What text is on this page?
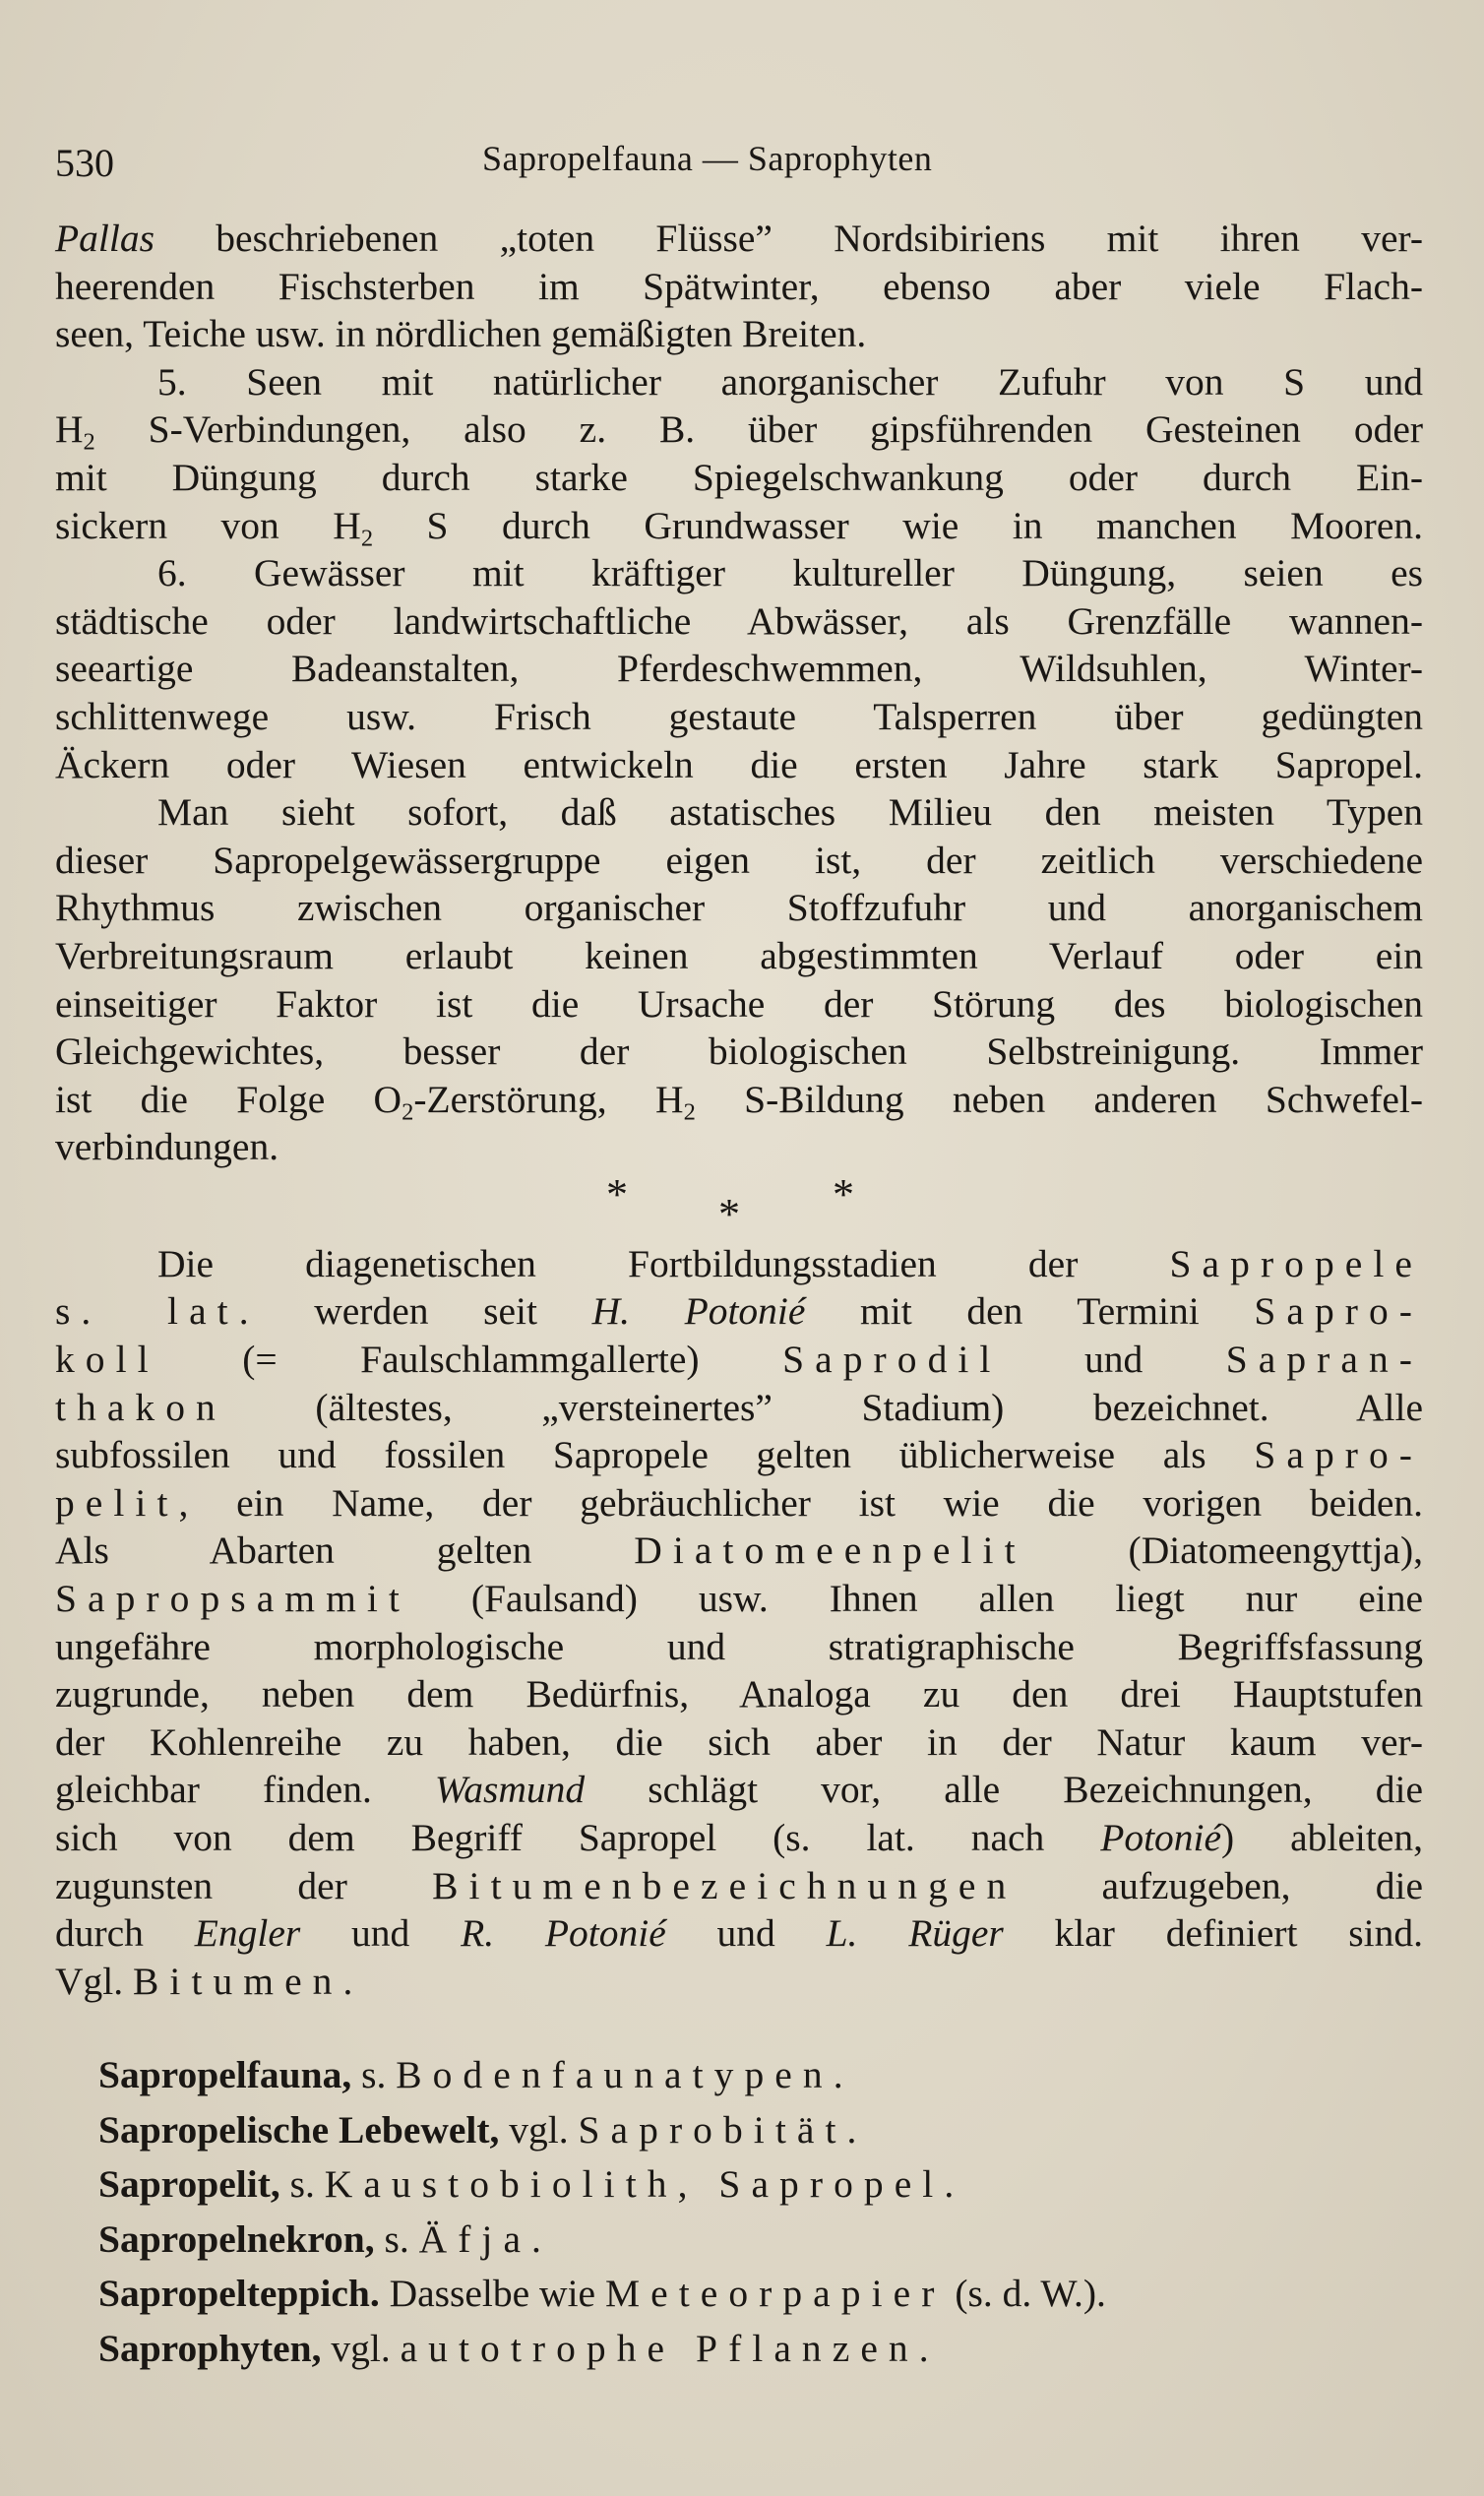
530	Sapropelfauna — Saprophyten
Pallas beschriebenen „toten Flüsse” Nordsibiriens mit ihren ver-
heerenden Fischsterben im Spätwinter, ebenso aber viele Flach-
seen, Teiche usw. in nördlichen gemäßigten Breiten.
5. Seen mit natürlicher anorganischer Zufuhr von S und
$H_2$ S-Verbindungen, also z. B. über gipsführenden Gesteinen oder
mit Düngung durch starke Spiegelschwankung oder durch Ein-
sickern von $H_2$ S durch Grundwasser wie in manchen Mooren.
6. Gewässer mit kräftiger kultureller Düngung, seien es
städtische oder landwirtschaftliche Abwässer, als Grenzfälle wannen-
seeartige Badeanstalten, Pferdeschwemmen, Wildsuhlen, Winter-
schlittenwege usw. Frisch gestaute Talsperren über gedüngten
Äckern oder Wiesen entwickeln die ersten Jahre stark Sapropel.
Man sieht sofort, daß astatisches Milieu den meisten Typen
dieser Sapropelgewässergruppe eigen ist, der zeitlich verschiedene
Rhythmus zwischen organischer Stoffzufuhr und anorganischem
Verbreitungsraum erlaubt keinen abgestimmten Verlauf oder ein
einseitiger Faktor ist die Ursache der Störung des biologischen
Gleichgewichtes, besser der biologischen Selbstreinigung. Immer
ist die Folge $O_2$-Zerstörung, $H_2$ S-Bildung neben anderen Schwefel-
verbindungen.
* * *
Die diagenetischen Fortbildungsstadien der Sapropele
s. lat. werden seit H. Potonié mit den Termini Sapro-
koll (= Faulschlammgallerte) Saprodil und Sapran-
thakon (ältestes, „versteinertes” Stadium) bezeichnet. Alle
subfossilen und fossilen Sapropele gelten üblicherweise als Sapro-
pelit, ein Name, der gebräuchlicher ist wie die vorigen beiden.
Als Abarten gelten Diatomeenpelit (Diatomeengyttja),
Sapropsammit (Faulsand) usw. Ihnen allen liegt nur eine
ungefähre morphologische und stratigraphische Begriffsfassung
zugrunde, neben dem Bedürfnis, Analoga zu den drei Hauptstufen
der Kohlenreihe zu haben, die sich aber in der Natur kaum ver-
gleichbar finden. Wasmund schlägt vor, alle Bezeichnungen, die
sich von dem Begriff Sapropel (s. lat. nach Potonié) ableiten,
zugunsten der Bitumenbezeichnungen aufzugeben, die
durch Engler und R. Potonié und L. Rüger klar definiert sind.
Vgl. Bitumen.
Sapropelfauna, s. Bodenfaunatypen.
Sapropelische Lebewelt, vgl. Saprobität.
Sapropelit, s. Kaustobiolith, Sapropel.
Sapropelnekron, s. Äfja.
Sapropelteppich. Dasselbe wie Meteorpapier (s. d. W.).
Saprophyten, vgl. autotrophe Pflanzen.
